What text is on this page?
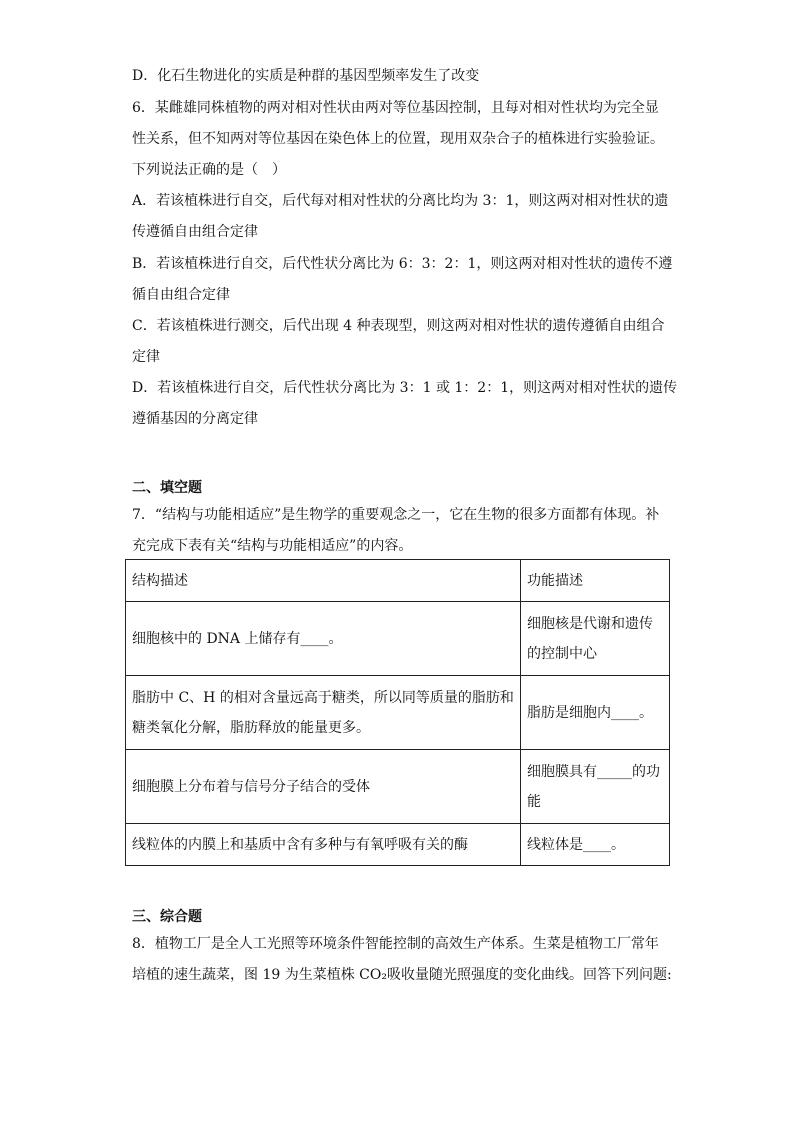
D．化石生物进化的实质是种群的基因型频率发生了改变
6．某雌雄同株植物的两对相对性状由两对等位基因控制，且每对相对性状均为完全显
性关系，但不知两对等位基因在染色体上的位置，现用双杂合子的植株进行实验验证。
下列说法正确的是（　）
A．若该植株进行自交，后代每对相对性状的分离比均为 3：1，则这两对相对性状的遗
传遵循自由组合定律
B．若该植株进行自交，后代性状分离比为 6：3：2：1，则这两对相对性状的遗传不遵
循自由组合定律
C．若该植株进行测交，后代出现 4 种表现型，则这两对相对性状的遗传遵循自由组合
定律
D．若该植株进行自交，后代性状分离比为 3：1 或 1：2：1，则这两对相对性状的遗传
遵循基因的分离定律
二、填空题
7．“结构与功能相适应”是生物学的重要观念之一，它在生物的很多方面都有体现。补
充完成下表有关“结构与功能相适应”的内容。
结构描述	功能描述
细胞核中的 DNA 上储存有____。	细胞核是代谢和遗传
的控制中心

脂肪中 C、H 的相对含量远高于糖类，所以同等质量的脂肪和
糖类氧化分解，脂肪释放的能量更多。	脂肪是细胞内____。
细胞膜上分布着与信号分子结合的受体	细胞膜具有_____的功
能

线粒体的内膜上和基质中含有多种与有氧呼吸有关的酶	线粒体是____。
三、综合题
8．植物工厂是全人工光照等环境条件智能控制的高效生产体系。生菜是植物工厂常年
培植的速生蔬菜，图 19 为生菜植株 CO₂吸收量随光照强度的变化曲线。回答下列问题:
